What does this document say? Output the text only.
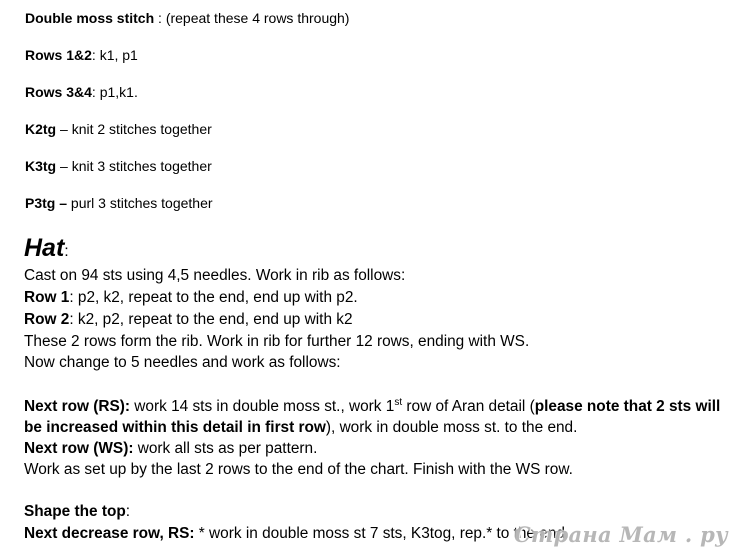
Double moss stitch : (repeat these 4 rows through)
Rows 1&2: k1, p1
Rows 3&4: p1,k1.
K2tg – knit 2 stitches together
K3tg – knit 3 stitches together
P3tg – purl 3 stitches together
Hat:
Cast on 94 sts using 4,5 needles. Work in rib as follows:
Row 1: p2, k2, repeat to the end, end up with p2.
Row 2: k2, p2, repeat to the end, end up with k2
These 2 rows form the rib. Work in rib for further 12 rows, ending with WS.
Now change to 5 needles and work as follows:
Next row (RS): work 14 sts in double moss st., work 1st row of Aran detail (please note that 2 sts will
be increased within this detail in first row), work in double moss st. to the end.
Next row (WS): work all sts as per pattern.
Work as set up by the last 2 rows to the end of the chart. Finish with the WS row.
Shape the top:
Next decrease row, RS: * work in double moss st 7 sts, K3tog, rep.* to the end.
Страна Мам . ру
